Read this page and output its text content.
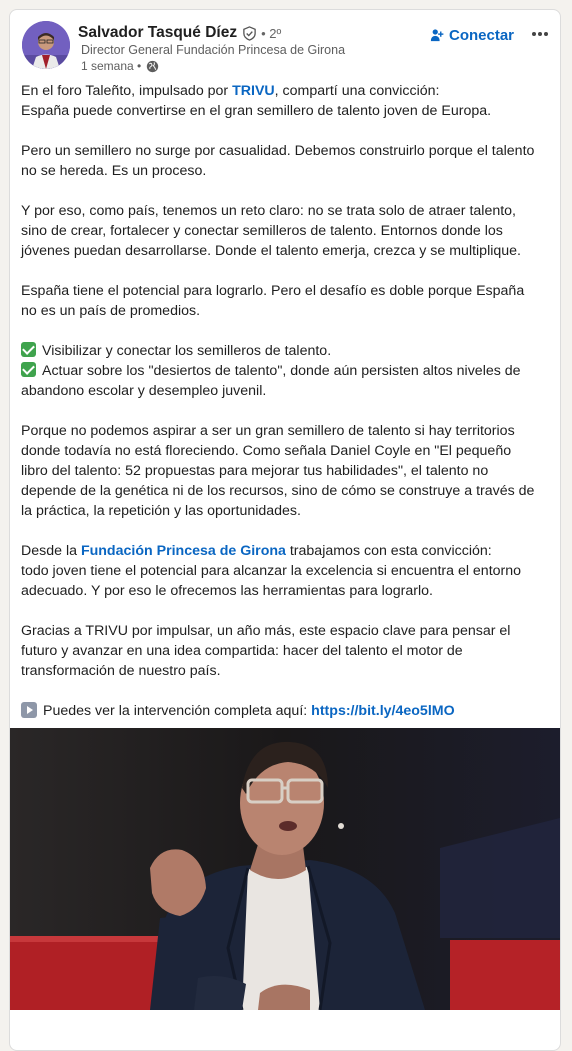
Salvador Tasqué Díez • 2º
Director General Fundación Princesa de Girona
1 semana •
Conectar

En el foro Taleñto, impulsado por TRIVU, compartí una convicción:
España puede convertirse en el gran semillero de talento joven de Europa.

Pero un semillero no surge por casualidad. Debemos construirlo porque el talento
no se hereda. Es un proceso.

Y por eso, como país, tenemos un reto claro: no se trata solo de atraer talento,
sino de crear, fortalecer y conectar semilleros de talento. Entornos donde los
jóvenes puedan desarrollarse. Donde el talento emerja, crezca y se multiplique.

España tiene el potencial para lograrlo. Pero el desafío es doble porque España
no es un país de promedios.

Visibilizar y conectar los semilleros de talento.
Actuar sobre los "desiertos de talento", donde aún persisten altos niveles de
abandono escolar y desempleo juvenil.

Porque no podemos aspirar a ser un gran semillero de talento si hay territorios
donde todavía no está floreciendo. Como señala Daniel Coyle en "El pequeño
libro del talento: 52 propuestas para mejorar tus habilidades", el talento no
depende de la genética ni de los recursos, sino de cómo se construye a través de
la práctica, la repetición y las oportunidades.

Desde la Fundación Princesa de Girona trabajamos con esta convicción:
todo joven tiene el potencial para alcanzar la excelencia si encuentra el entorno
adecuado. Y por eso le ofrecemos las herramientas para lograrlo.

Gracias a TRIVU por impulsar, un año más, este espacio clave para pensar el
futuro y avanzar en una idea compartida: hacer del talento el motor de
transformación de nuestro país.

Puedes ver la intervención completa aquí: https://bit.ly/4eo5lMO
